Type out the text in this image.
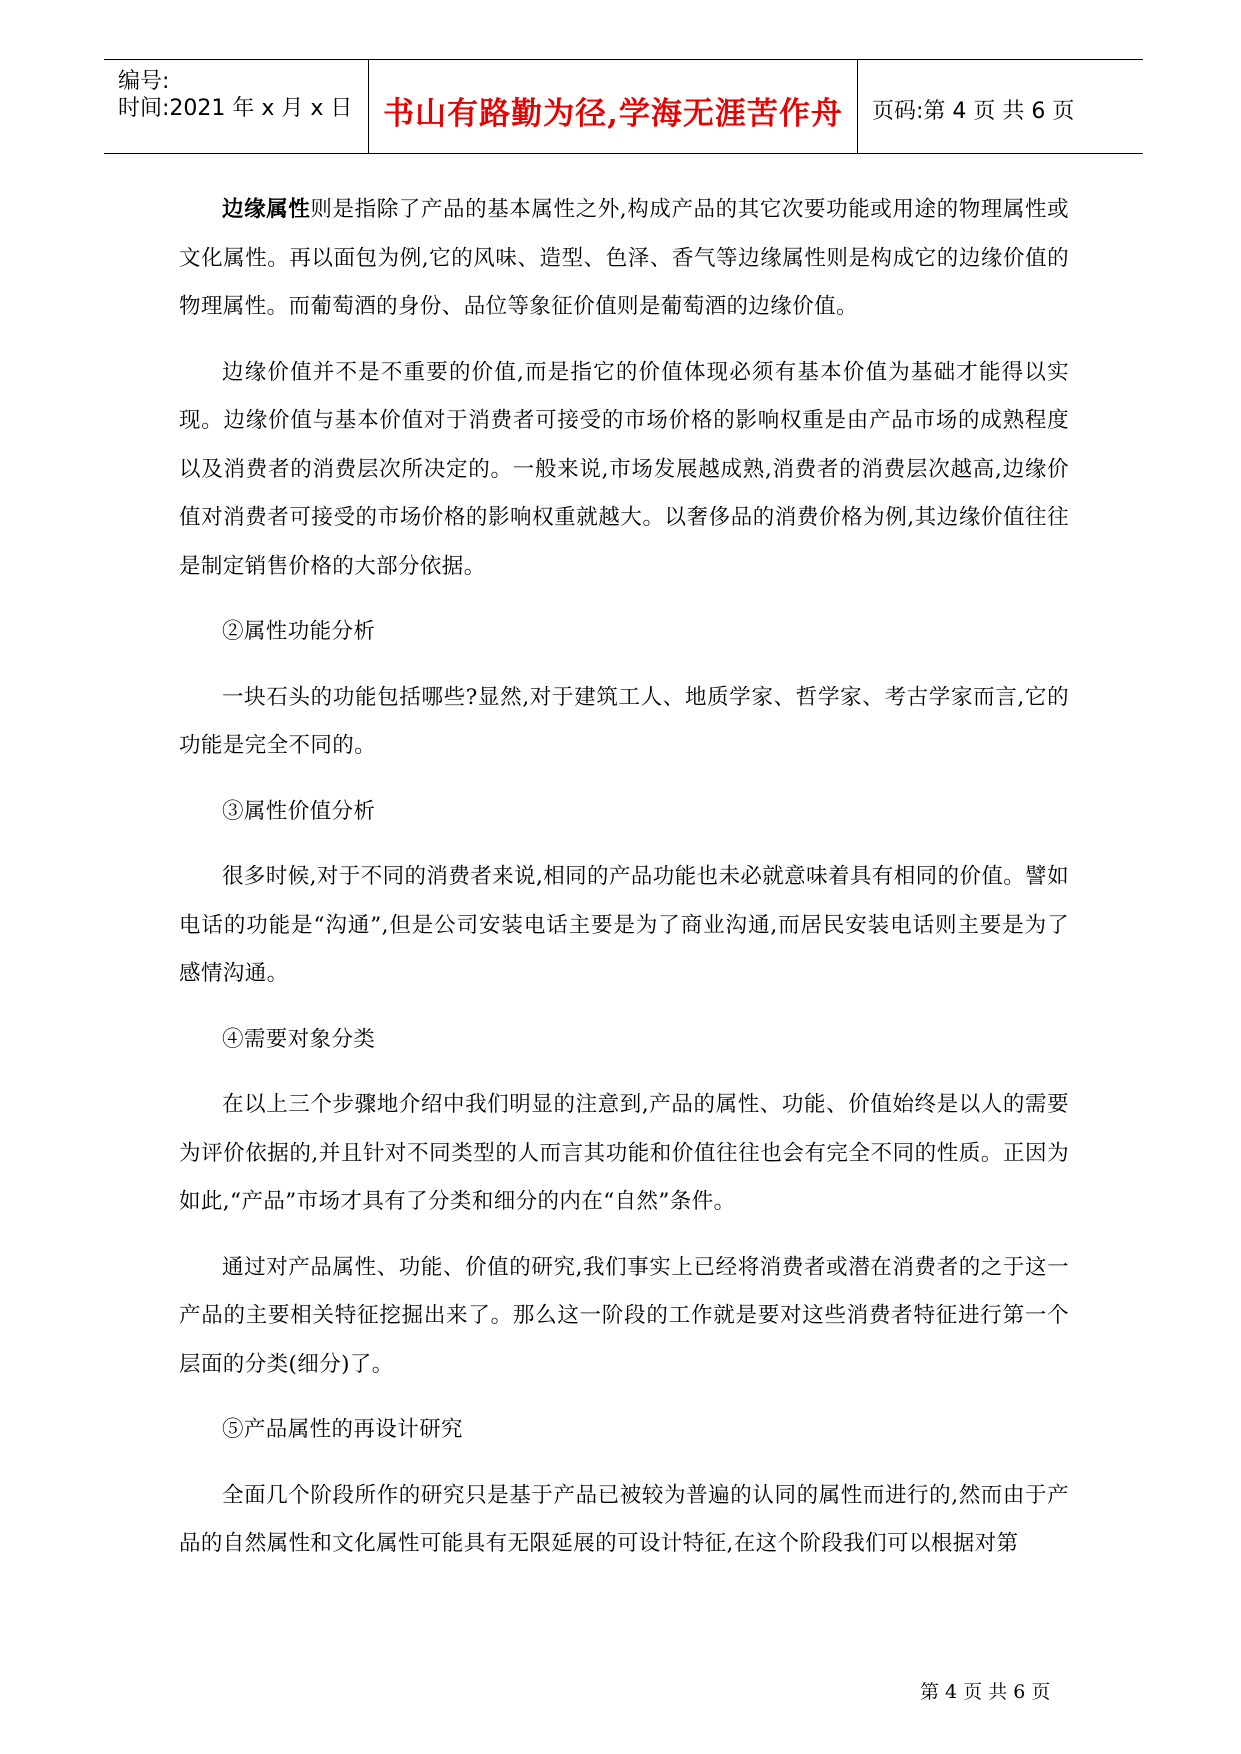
编号:
时间:2021 年 x 月 x 日 书山有路勤为径,学海无涯苦作舟	页码:第 4 页 共 6 页

边缘属性则是指除了产品的基本属性之外,构成产品的其它次要功能或用途的物理属性或文化属性。再以面包为例,它的风味、造型、色泽、香气等边缘属性则是构成它的边缘价值的物理属性。而葡萄酒的身份、品位等象征价值则是葡萄酒的边缘价值。

边缘价值并不是不重要的价值,而是指它的价值体现必须有基本价值为基础才能得以实现。边缘价值与基本价值对于消费者可接受的市场价格的影响权重是由产品市场的成熟程度以及消费者的消费层次所决定的。一般来说,市场发展越成熟,消费者的消费层次越高,边缘价值对消费者可接受的市场价格的影响权重就越大。以奢侈品的消费价格为例,其边缘价值往往是制定销售价格的大部分依据。

②属性功能分析

一块石头的功能包括哪些?显然,对于建筑工人、地质学家、哲学家、考古学家而言,它的功能是完全不同的。

③属性价值分析

很多时候,对于不同的消费者来说,相同的产品功能也未必就意味着具有相同的价值。譬如电话的功能是“沟通”,但是公司安装电话主要是为了商业沟通,而居民安装电话则主要是为了感情沟通。

④需要对象分类

在以上三个步骤地介绍中我们明显的注意到,产品的属性、功能、价值始终是以人的需要为评价依据的,并且针对不同类型的人而言其功能和价值往往也会有完全不同的性质。正因为如此,“产品”市场才具有了分类和细分的内在“自然”条件。

通过对产品属性、功能、价值的研究,我们事实上已经将消费者或潜在消费者的之于这一产品的主要相关特征挖掘出来了。那么这一阶段的工作就是要对这些消费者特征进行第一个层面的分类(细分)了。

⑤产品属性的再设计研究

全面几个阶段所作的研究只是基于产品已被较为普遍的认同的属性而进行的,然而由于产品的自然属性和文化属性可能具有无限延展的可设计特征,在这个阶段我们可以根据对第

第 4 页 共 6 页
